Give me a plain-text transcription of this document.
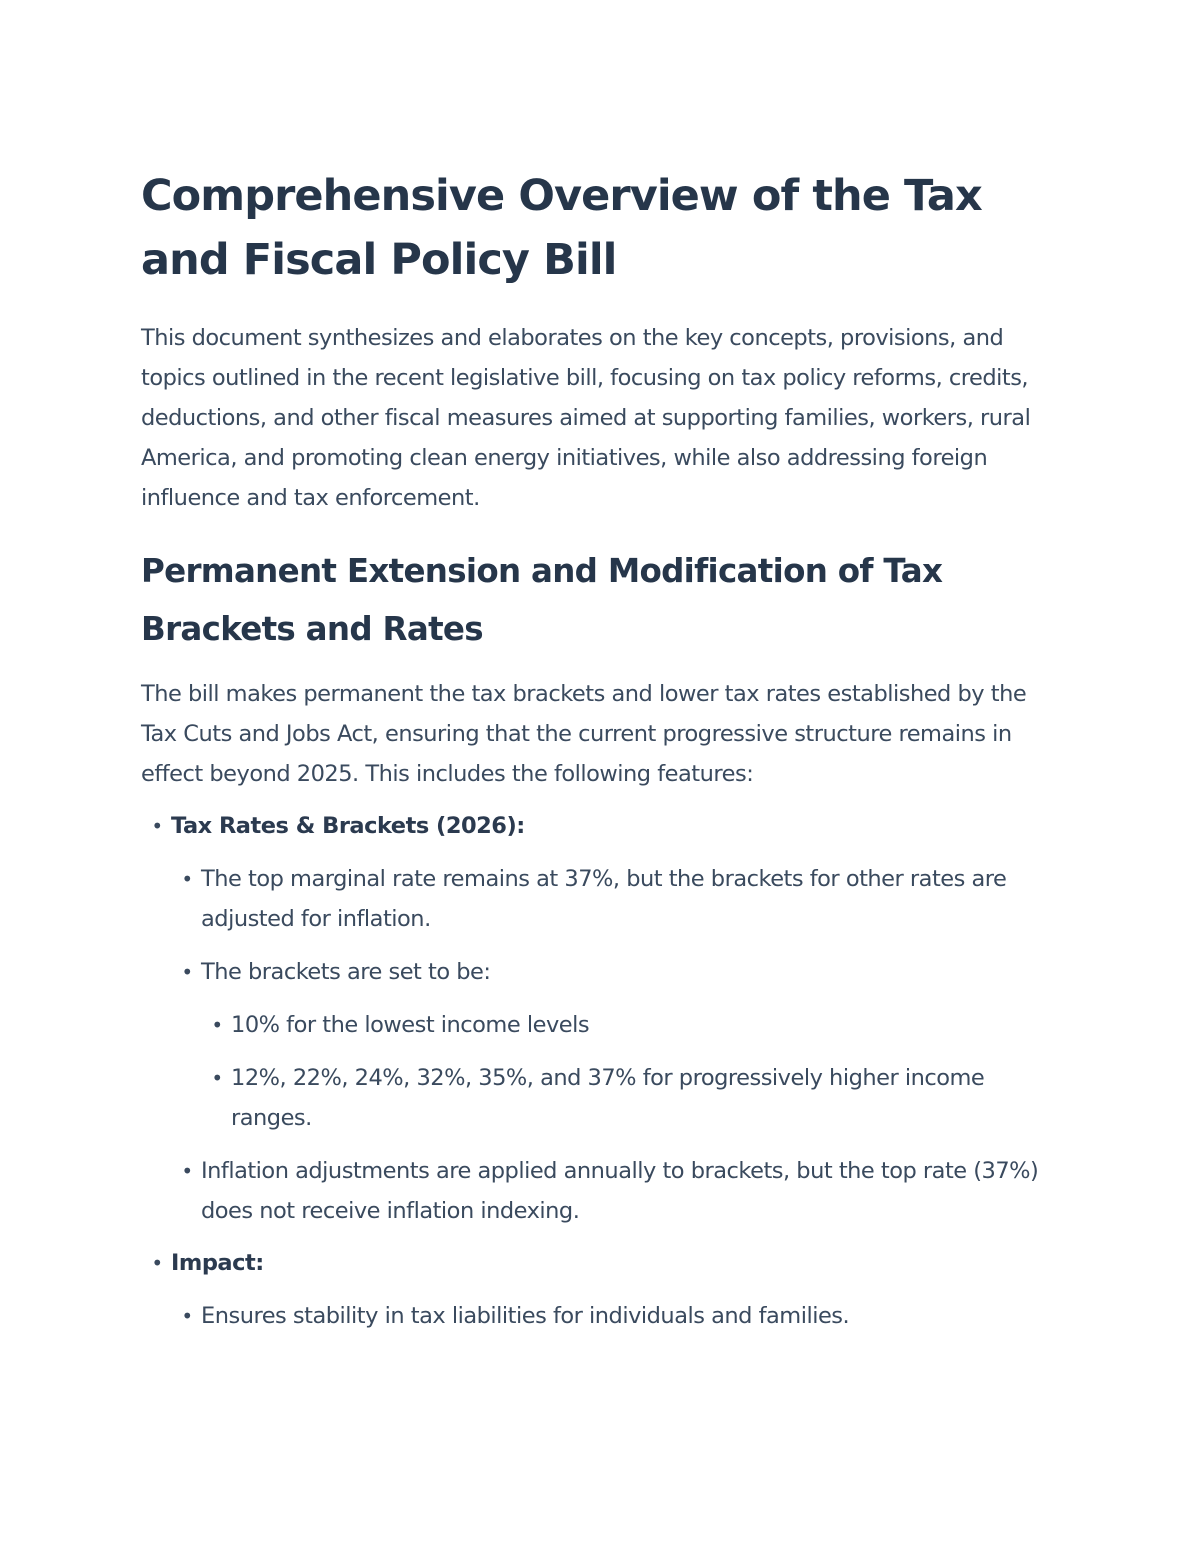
Comprehensive Overview of the Tax and Fiscal Policy Bill

This document synthesizes and elaborates on the key concepts, provisions, and topics outlined in the recent legislative bill, focusing on tax policy reforms, credits, deductions, and other fiscal measures aimed at supporting families, workers, rural America, and promoting clean energy initiatives, while also addressing foreign influence and tax enforcement.

Permanent Extension and Modification of Tax Brackets and Rates

The bill makes permanent the tax brackets and lower tax rates established by the Tax Cuts and Jobs Act, ensuring that the current progressive structure remains in effect beyond 2025. This includes the following features:

• Tax Rates & Brackets (2026):
• The top marginal rate remains at 37%, but the brackets for other rates are adjusted for inflation.
• The brackets are set to be:
• 10% for the lowest income levels
• 12%, 22%, 24%, 32%, 35%, and 37% for progressively higher income ranges.
• Inflation adjustments are applied annually to brackets, but the top rate (37%) does not receive inflation indexing.
• Impact:
• Ensures stability in tax liabilities for individuals and families.
